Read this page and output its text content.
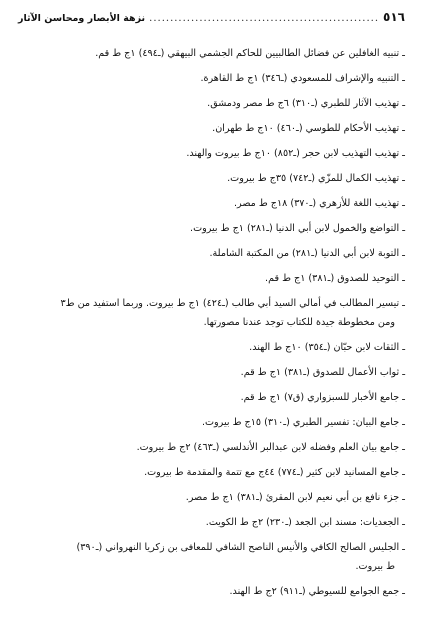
٥١٦
.....
نزهة الأبصار ومحاسن الآثار
ـ تنبيه الغافلين عن فضائل الطالبيين للحاكم الجشمي البيهقي (ـ٤٩٤) ١ج ط قم.
ـ التنبيه والإشراف للمسعودي (ـ٣٤٦) ١ج ط القاهرة.
ـ تهذيب الآثار للطبري (ـ٣١٠) ٦ج ط مصر ودمشق.
ـ تهذيب الأحكام للطوسي (ـ٤٦٠) ١٠ج ط طهران.
ـ تهذيب التهذيب لابن حجر (ـ٨٥٢) ١٠ج ط بيروت والهند.
ـ تهذيب الكمال للمزّي (ـ٧٤٢) ٣٥ج ط بيروت.
ـ تهذيب اللغة للأزهري (ـ٣٧٠) ١٨ج ط مصر.
ـ التواضع والخمول لابن أبي الدنيا (ـ٢٨١) ١ج ط بيروت.
ـ التوبة لابن أبي الدنيا (ـ٢٨١) من المكتبة الشاملة.
ـ التوحيد للصدوق (ـ٣٨١) ١ج ط قم.
ـ تيسير المطالب في أمالي السيد أبي طالب (ـ٤٢٤) ١ج ط بيروت. وربما استفيد من ط٣
ومن مخطوطة جيدة للكتاب توجد عندنا مصورتها.
ـ الثقات لابن حبّان (ـ٣٥٤) ١٠ج ط الهند.
ـ ثواب الأعمال للصدوق (ـ٣٨١) ١ج ط قم.
ـ جامع الأخبار للسبزواري (ق٧) ١ج ط قم.
ـ جامع البيان: تفسير الطبري (ـ٣١٠) ١٥ج ط بيروت.
ـ جامع بيان العلم وفضله لابن عبدالبر الأندلسي (ـ٤٦٣) ٢ج ط بيروت.
ـ جامع المسانيد لابن كثير (ـ٧٧٤) ٤٤ج مع تتمة والمقدمة ط بيروت.
ـ جزء نافع بن أبي نعيم لابن المقرئ (ـ٣٨١) ١ج ط مصر.
ـ الجعديات: مسند ابن الجعد (ـ٢٣٠) ٢ج ط الكويت.
ـ الجليس الصالح الكافي والأنيس الناصح الشافي للمعافى بن زكريا النهرواني (ـ٣٩٠)
ط بيروت.
ـ جمع الجوامع للسيوطي (ـ٩١١) ٢ج ط الهند.
